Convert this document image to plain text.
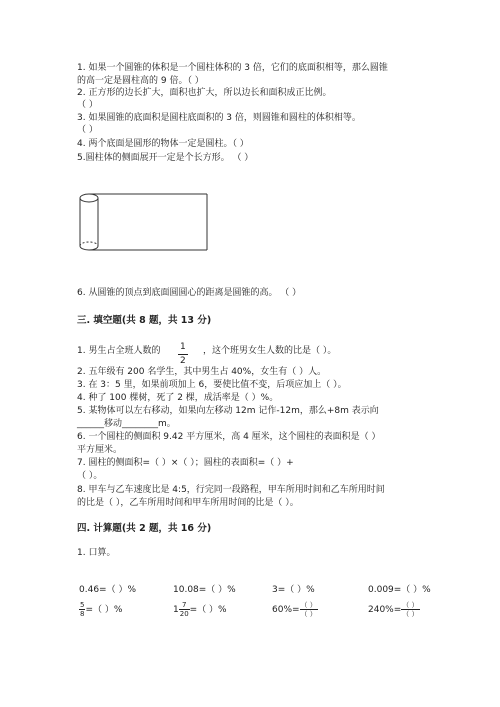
1. 如果一个圆锥的体积是一个圆柱体积的 3 倍，它们的底面积相等，那么圆锥
的高一定是圆柱高的 9 倍。（ ）
2. 正方形的边长扩大，面积也扩大，所以边长和面积成正比例。
（ ）
3. 如果圆锥的底面积是圆柱底面积的 3 倍，则圆锥和圆柱的体积相等。
（ ）
4. 两个底面是圆形的物体一定是圆柱。（ ）
5.圆柱体的侧面展开一定是个长方形。 （ ）
6. 从圆锥的顶点到底面圆圆心的距离是圆锥的高。 （ ）
三. 填空题(共 8 题，共 13 分)
1. 男生占全班人数的 $\frac{1}{2}$ ，这个班男女生人数的比是（ ）。
2. 五年级有 200 名学生，其中男生占 40%，女生有（ ）人。
3. 在 3：5 里，如果前项加上 6，要使比值不变，后项应加上（ ）。
4. 种了 100 棵树，死了 2 棵，成活率是（ ）%。
5. 某物体可以左右移动，如果向左移动 12m 记作-12m，那么+8m 表示向
______移动________m。
6. 一个圆柱的侧面积 9.42 平方厘米，高 4 厘米，这个圆柱的表面积是（ ）
平方厘米。
7. 圆柱的侧面积=（ ）×（ ）；圆柱的表面积=（ ）+
（ ）。
8. 甲车与乙车速度比是 4:5，行完同一段路程，甲车所用时间和乙车所用时间
的比是（ ），乙车所用时间和甲车所用时间的比是（ ）。
四. 计算题(共 2 题，共 16 分)
1. 口算。
0.46=（ ）%	10.08=（ ）%	3=（ ）%	0.009=（ ）%
$\frac{5}{8}$ =（ ）%	$1 \frac{7}{20}$ =（ ）%	$60\%= \frac{( )}{( )}$	$240\%= \frac{( )}{( )}$
